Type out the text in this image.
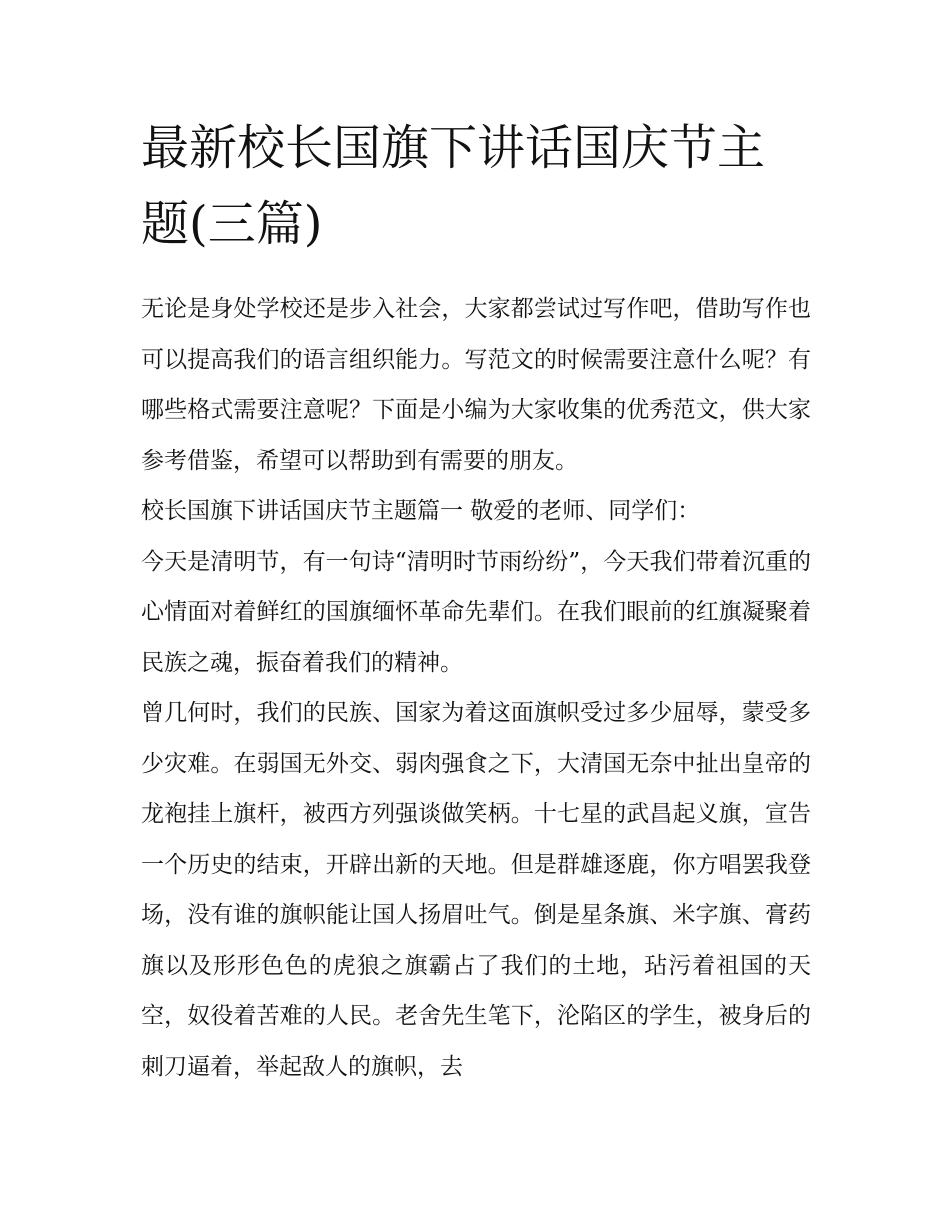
最新校长国旗下讲话国庆节主题(三篇)

无论是身处学校还是步入社会，大家都尝试过写作吧，借助写作也可以提高我们的语言组织能力。写范文的时候需要注意什么呢？有哪些格式需要注意呢？下面是小编为大家收集的优秀范文，供大家参考借鉴，希望可以帮助到有需要的朋友。

校长国旗下讲话国庆节主题篇一 敬爱的老师、同学们：

今天是清明节，有一句诗“清明时节雨纷纷”，今天我们带着沉重的心情面对着鲜红的国旗缅怀革命先辈们。在我们眼前的红旗凝聚着民族之魂，振奋着我们的精神。

曾几何时，我们的民族、国家为着这面旗帜受过多少屈辱，蒙受多少灾难。在弱国无外交、弱肉强食之下，大清国无奈中扯出皇帝的龙袍挂上旗杆，被西方列强谈做笑柄。十七星的武昌起义旗，宣告一个历史的结束，开辟出新的天地。但是群雄逐鹿，你方唱罢我登场，没有谁的旗帜能让国人扬眉吐气。倒是星条旗、米字旗、膏药旗以及形形色色的虎狼之旗霸占了我们的土地，玷污着祖国的天空，奴役着苦难的人民。老舍先生笔下，沦陷区的学生，被身后的刺刀逼着，举起敌人的旗帜，去
